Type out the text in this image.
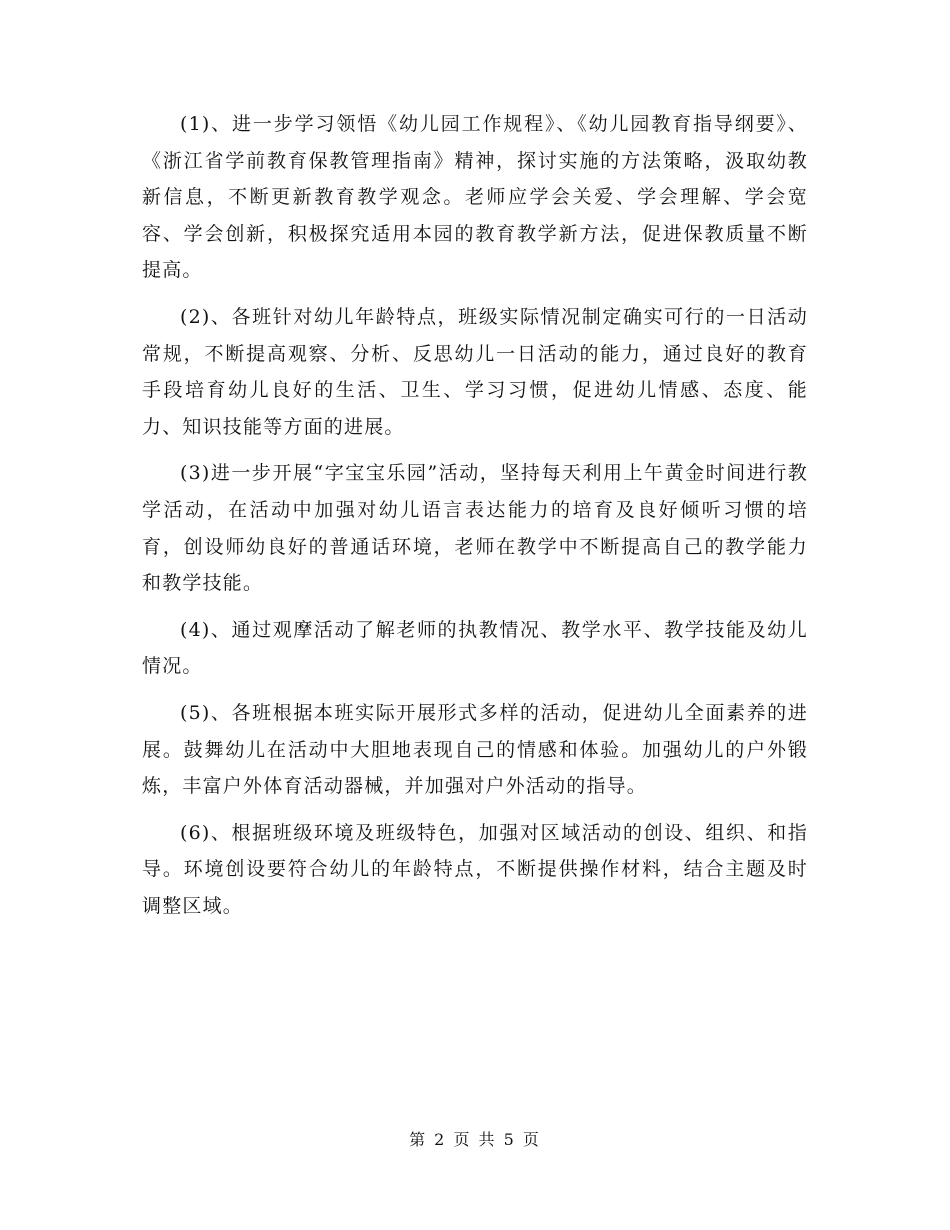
(1)、进一步学习领悟《幼儿园工作规程》、《幼儿园教育指导纲要》、《浙江省学前教育保教管理指南》精神，探讨实施的方法策略，汲取幼教新信息，不断更新教育教学观念。老师应学会关爱、学会理解、学会宽容、学会创新，积极探究适用本园的教育教学新方法，促进保教质量不断提高。

(2)、各班针对幼儿年龄特点，班级实际情况制定确实可行的一日活动常规，不断提高观察、分析、反思幼儿一日活动的能力，通过良好的教育手段培育幼儿良好的生活、卫生、学习习惯，促进幼儿情感、态度、能力、知识技能等方面的进展。

(3)进一步开展“字宝宝乐园”活动，坚持每天利用上午黄金时间进行教学活动，在活动中加强对幼儿语言表达能力的培育及良好倾听习惯的培育，创设师幼良好的普通话环境，老师在教学中不断提高自己的教学能力和教学技能。

(4)、通过观摩活动了解老师的执教情况、教学水平、教学技能及幼儿情况。

(5)、各班根据本班实际开展形式多样的活动，促进幼儿全面素养的进展。鼓舞幼儿在活动中大胆地表现自己的情感和体验。加强幼儿的户外锻炼，丰富户外体育活动器械，并加强对户外活动的指导。

(6)、根据班级环境及班级特色，加强对区域活动的创设、组织、和指导。环境创设要符合幼儿的年龄特点，不断提供操作材料，结合主题及时调整区域。

第 2 页 共 5 页
